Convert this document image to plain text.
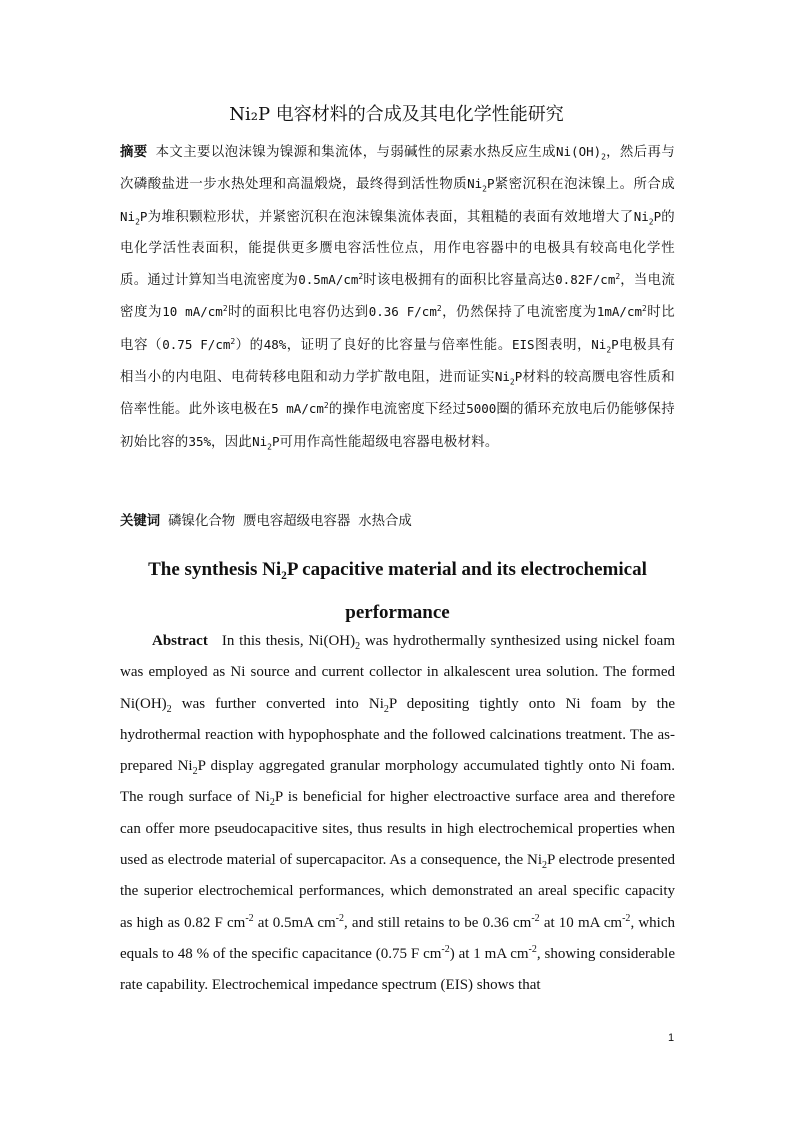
Ni₂P 电容材料的合成及其电化学性能研究
摘要 本文主要以泡沫镍为镍源和集流体，与弱碱性的尿素水热反应生成$Ni(OH)_2$，然后再与次磷酸盐进一步水热处理和高温煅烧，最终得到活性物质$Ni_2P$紧密沉积在泡沫镍上。所合成$Ni_2P$为堆积颗粒形状，并紧密沉积在泡沫镍集流体表面，其粗糙的表面有效地增大了$Ni_2P$的电化学活性表面积，能提供更多赝电容活性位点，用作电容器中的电极具有较高电化学性质。通过计算知当电流密度为$0.5mA/cm^2$时该电极拥有的面积比容量高达$0.82F/cm^2$，当电流密度为10 $mA/cm^2$时的面积比电容仍达到0.36 $F/cm^2$，仍然保持了电流密度为$1mA/cm^2$时比电容（0.75 $F/cm^2$）的48%，证明了良好的比容量与倍率性能。EIS图表明，$Ni_2P$电极具有相当小的内电阻、电荷转移电阻和动力学扩散电阻，进而证实$Ni_2P$材料的较高赝电容性质和倍率性能。此外该电极在5 $mA/cm^2$的操作电流密度下经过5000圈的循环充放电后仍能够保持初始比容的35%，因此$Ni_2P$可用作高性能超级电容器电极材料。
关键词 磷镍化合物 赝电容超级电容器 水热合成
The synthesis Ni₂P capacitive material and its electrochemical performance
Abstract In this thesis, $Ni(OH)_2$ was hydrothermally synthesized using nickel foam was employed as Ni source and current collector in alkalescent urea solution. The formed $Ni(OH)_2$ was further converted into $Ni_2P$ depositing tightly onto Ni foam by the hydrothermal reaction with hypophosphate and the followed calcinations treatment. The as-prepared $Ni_2P$ display aggregated granular morphology accumulated tightly onto Ni foam. The rough surface of $Ni_2P$ is beneficial for higher electroactive surface area and therefore can offer more pseudocapacitive sites, thus results in high electrochemical properties when used as electrode material of supercapacitor. As a consequence, the $Ni_2P$ electrode presented the superior electrochemical performances, which demonstrated an areal specific capacity as high as 0.82 F $cm^{-2}$ at 0.5mA $cm^{-2}$, and still retains to be 0.36 $cm^{-2}$ at 10 mA $cm^{-2}$, which equals to 48 % of the specific capacitance (0.75 F $cm^{-2}$) at 1 mA $cm^{-2}$, showing considerable rate capability. Electrochemical impedance spectrum (EIS) shows that
1
